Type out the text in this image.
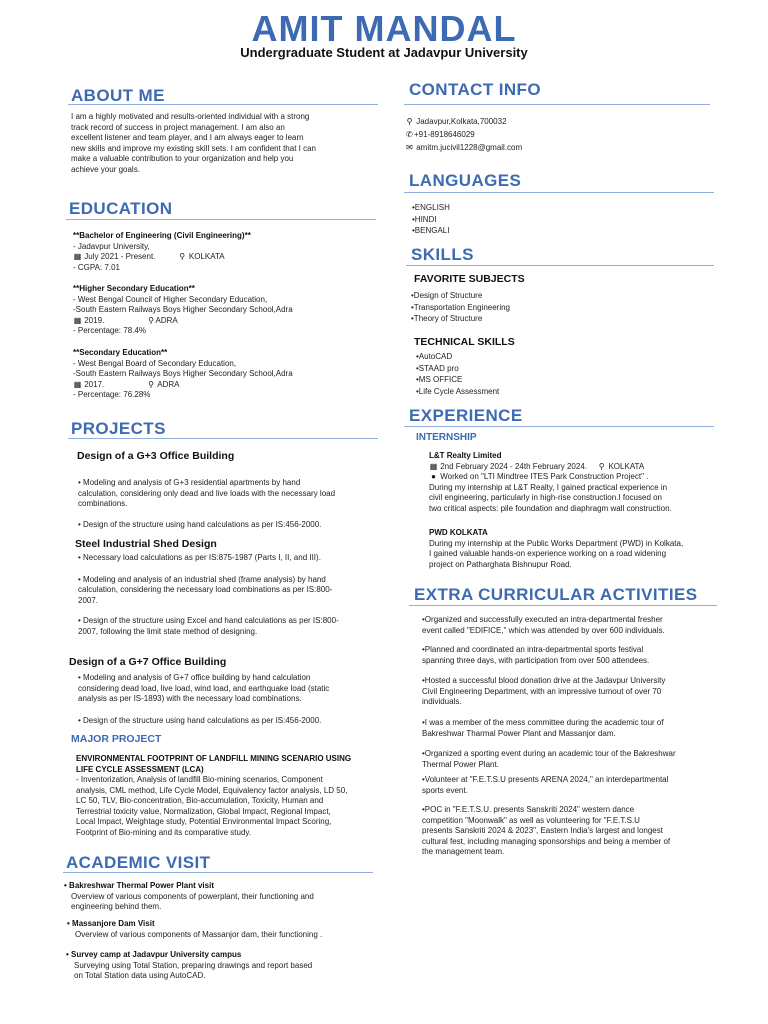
AMIT MANDAL
Undergraduate Student at Jadavpur University
ABOUT ME
I am a highly motivated and results-oriented individual with a strong
track record of success in project management. I am also an
excellent listener and team player, and I am always eager to learn
new skills and improve my existing skill sets. I am confident that I can
make a valuable contribution to your organization and help you
achieve your goals.
EDUCATION
**Bachelor of Engineering (Civil Engineering)**
- Jadavpur University,
▦ July 2021 - Present.	⚲ KOLKATA
- CGPA: 7.01
**Higher Secondary Education**
- West Bengal Council of Higher Secondary Education,
-South Eastern Railways Boys Higher Secondary School,Adra
▦ 2019.	⚲ ADRA
- Percentage: 78.4%
**Secondary Education**
- West Bengal Board of Secondary Education,
-South Eastern Railways Boys Higher Secondary School,Adra
▦ 2017.	⚲ ADRA
- Percentage: 76.28%
PROJECTS
Design of a G+3 Office Building
• Modeling and analysis of G+3 residential apartments by hand
calculation, considering only dead and live loads with the necessary load
combinations.
• Design of the structure using hand calculations as per IS:456-2000.
Steel Industrial Shed Design
• Necessary load calculations as per IS:875-1987 (Parts I, II, and III).
• Modeling and analysis of an industrial shed (frame analysis) by hand
calculation, considering the necessary load combinations as per IS:800-
2007.
• Design of the structure using Excel and hand calculations as per IS:800-
2007, following the limit state method of designing.
Design of a G+7 Office Building
• Modeling and analysis of G+7 office building by hand calculation
considering dead load, live load, wind load, and earthquake load (static
analysis as per IS-1893) with the necessary load combinations.
• Design of the structure using hand calculations as per IS:456-2000.
MAJOR PROJECT
ENVIRONMENTAL FOOTPRINT OF LANDFILL MINING SCENARIO USING
LIFE CYCLE ASSESSMENT (LCA)
- Inventorization, Analysis of landfill Bio-mining scenarios, Component
analysis, CML method, Life Cycle Model, Equivalency factor analysis, LD 50,
LC 50, TLV, Bio-concentration, Bio-accumulation, Toxicity, Human and
Terrestrial toxicity value, Normalization, Global Impact, Regional Impact,
Local Impact, Weightage study, Potential Environmental Impact Scoring,
Footprint of Bio-mining and its comparative study.
ACADEMIC VISIT
• Bakreshwar Thermal Power Plant visit
Overview of various components of powerplant, their functioning and
engineering behind them.
• Massanjore Dam Visit
Overview of various components of Massanjor dam, their functioning .
• Survey camp at Jadavpur University campus
Surveying using Total Station, preparing drawings and report based
on Total Station data using AutoCAD.
CONTACT INFO
⚲ Jadavpur,Kolkata,700032
✆+91-8918646029
✉ amitm.jucivil1228@gmail.com
LANGUAGES
•ENGLISH
•HINDI
•BENGALI
SKILLS
FAVORITE SUBJECTS
•Design of Structure
•Transportation Engineering
•Theory of Structure
TECHNICAL SKILLS
•AutoCAD
•STAAD pro
•MS OFFICE
•Life Cycle Assessment
EXPERIENCE
INTERNSHIP
L&T Realty Limited
▦ 2nd February 2024 - 24th February 2024. ⚲ KOLKATA
● Worked on "LTI Mindtree ITES Park Construction Project" .
During my internship at L&T Realty, I gained practical experience in
civil engineering, particularly in high-rise construction.I focused on
two critical aspects: pile foundation and diaphragm wall construction.
PWD KOLKATA
During my internship at the Public Works Department (PWD) in Kolkata,
I gained valuable hands-on experience working on a road widening
project on Patharghata Bishnupur Road.
EXTRA CURRICULAR ACTIVITIES
•Organized and successfully executed an intra-departmental fresher
event called "EDIFICE," which was attended by over 600 individuals.
•Planned and coordinated an intra-departmental sports festival
spanning three days, with participation from over 500 attendees.
•Hosted a successful blood donation drive at the Jadavpur University
Civil Engineering Department, with an impressive turnout of over 70
individuals.
•I was a member of the mess committee during the academic tour of
Bakreshwar Tharmal Power Plant and Massanjor dam.
•Organized a sporting event during an academic tour of the Bakreshwar
Thermal Power Plant.
•Volunteer at "F.E.T.S.U presents ARENA 2024," an interdepartmental
sports event.
•POC in "F.E.T.S.U. presents Sanskriti 2024" western dance
competition "Moonwalk" as well as volunteering for "F.E.T.S.U
presents Sanskriti 2024 & 2023", Eastern India's largest and longest
cultural fest, including managing sponsorships and being a member of
the management team.
